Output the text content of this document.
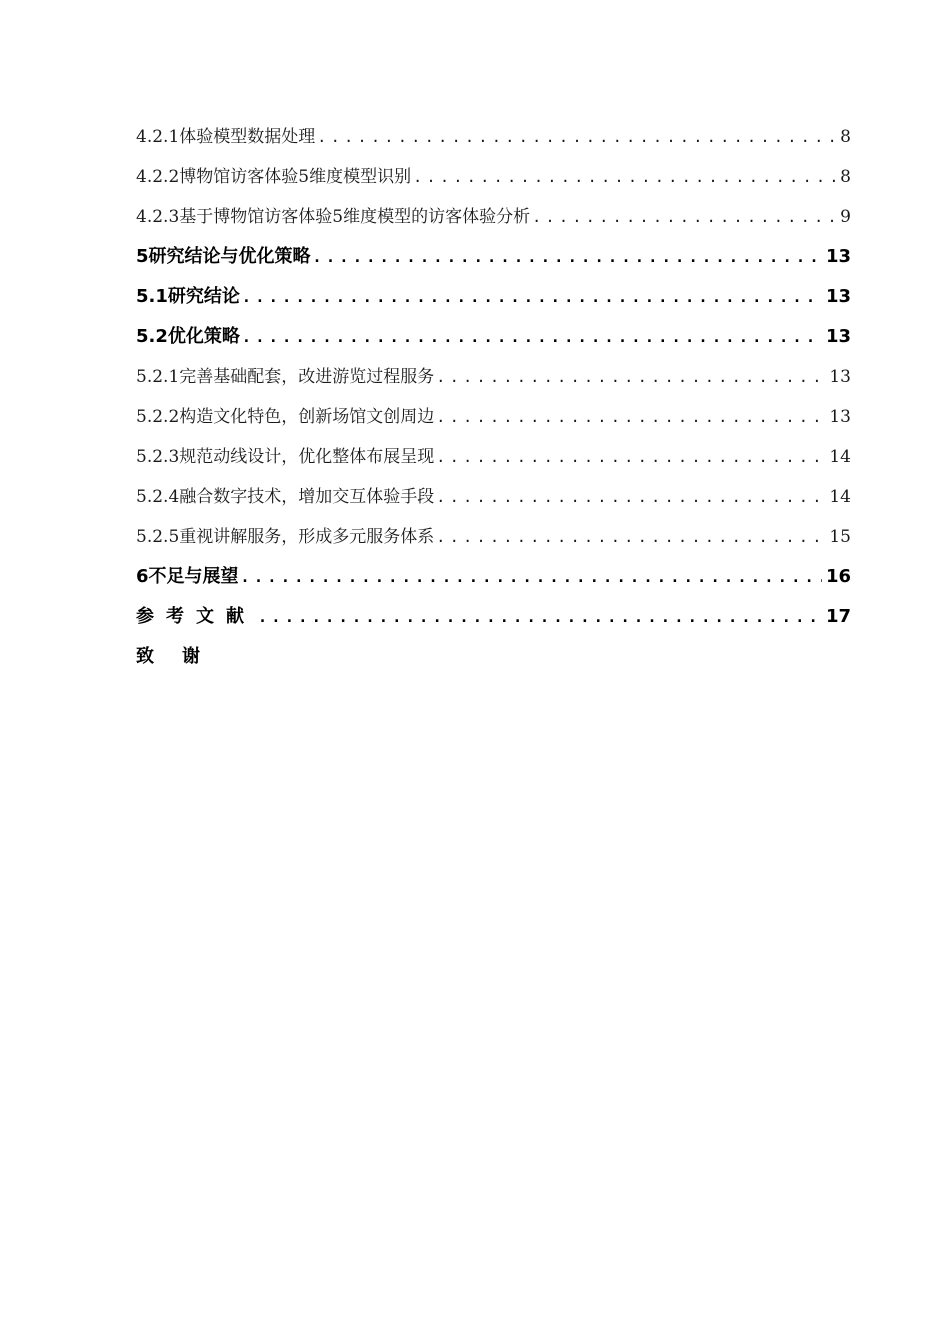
4.2.1体验模型数据处理 .....	8
4.2.2博物馆访客体验5维度模型识别 .....	8
4.2.3基于博物馆访客体验5维度模型的访客体验分析 .....	9
5研究结论与优化策略 .....	13
5.1研究结论 .....	13
5.2优化策略 .....	13
5.2.1完善基础配套，改进游览过程服务 .....	13
5.2.2构造文化特色，创新场馆文创周边 .....	13
5.2.3规范动线设计，优化整体布展呈现 .....	14
5.2.4融合数字技术，增加交互体验手段 .....	14
5.2.5重视讲解服务，形成多元服务体系 .....	15
6不足与展望 .....	16
参考文献 .....	17
致谢
